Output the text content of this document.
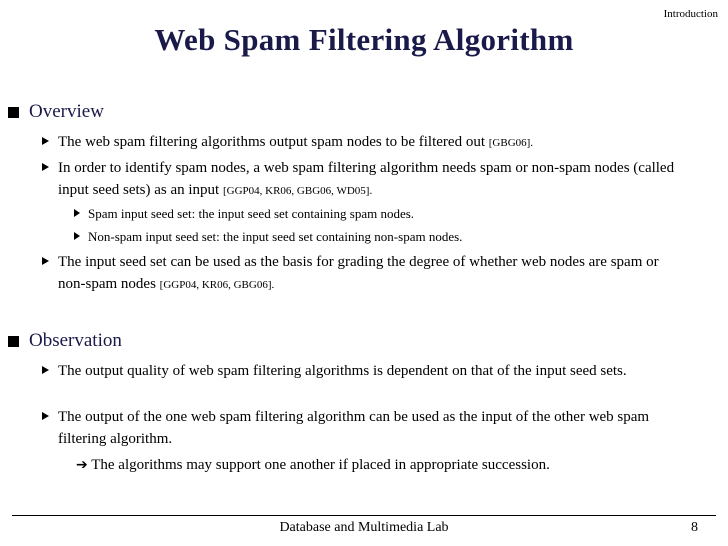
Introduction
Web Spam Filtering Algorithm
Overview
The web spam filtering algorithms output spam nodes to be filtered out [GBG06].
In order to identify spam nodes, a web spam filtering algorithm needs spam or non-spam nodes (called input seed sets) as an input [GGP04, KR06, GBG06, WD05].
Spam input seed set: the input seed set containing spam nodes.
Non-spam input seed set: the input seed set containing non-spam nodes.
The input seed set can be used as the basis for grading the degree of whether web nodes are spam or non-spam nodes [GGP04, KR06, GBG06].
Observation
The output quality of web spam filtering algorithms is dependent on that of the input seed sets.
The output of the one web spam filtering algorithm can be used as the input of the other web spam filtering algorithm.
➔ The algorithms may support one another if placed in appropriate succession.
Database and Multimedia Lab	8
